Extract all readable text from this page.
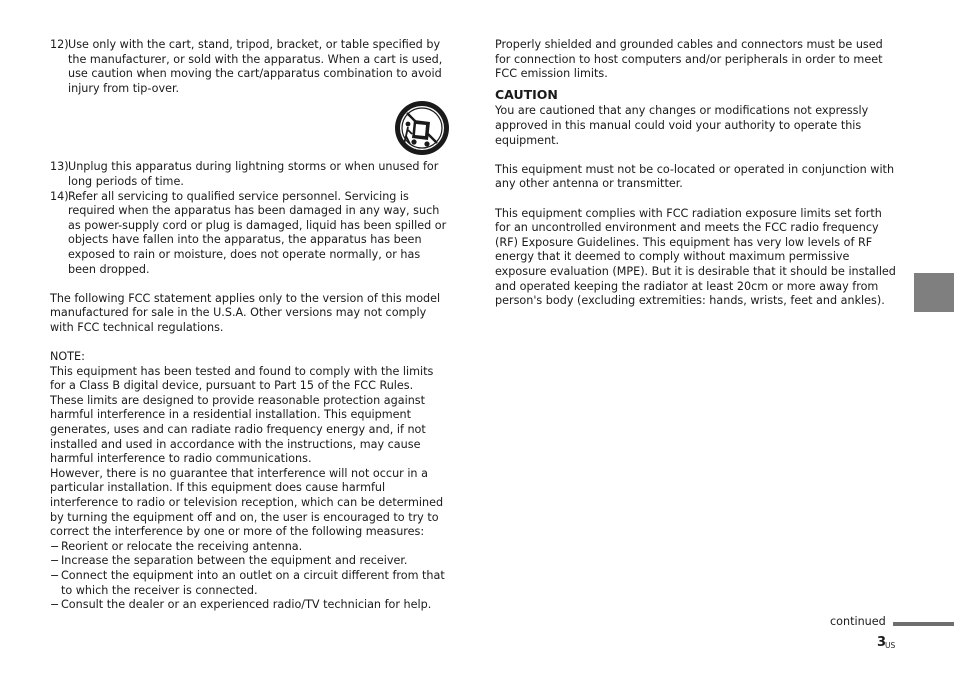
12) Use only with the cart, stand, tripod, bracket, or table specified by the manufacturer, or sold with the apparatus. When a cart is used, use caution when moving the cart/apparatus combination to avoid injury from tip-over.
13) Unplug this apparatus during lightning storms or when unused for long periods of time.
14) Refer all servicing to qualified service personnel. Servicing is required when the apparatus has been damaged in any way, such as power-supply cord or plug is damaged, liquid has been spilled or objects have fallen into the apparatus, the apparatus has been exposed to rain or moisture, does not operate normally, or has been dropped.

The following FCC statement applies only to the version of this model manufactured for sale in the U.S.A. Other versions may not comply with FCC technical regulations.

NOTE:

This equipment has been tested and found to comply with the limits for a Class B digital device, pursuant to Part 15 of the FCC Rules. These limits are designed to provide reasonable protection against harmful interference in a residential installation. This equipment generates, uses and can radiate radio frequency energy and, if not installed and used in accordance with the instructions, may cause harmful interference to radio communications.

However, there is no guarantee that interference will not occur in a particular installation. If this equipment does cause harmful interference to radio or television reception, which can be determined by turning the equipment off and on, the user is encouraged to try to correct the interference by one or more of the following measures:

− Reorient or relocate the receiving antenna.
− Increase the separation between the equipment and receiver.
− Connect the equipment into an outlet on a circuit different from that to which the receiver is connected.
− Consult the dealer or an experienced radio/TV technician for help.

Properly shielded and grounded cables and connectors must be used for connection to host computers and/or peripherals in order to meet FCC emission limits.

CAUTION

You are cautioned that any changes or modifications not expressly approved in this manual could void your authority to operate this equipment.

This equipment must not be co-located or operated in conjunction with any other antenna or transmitter.

This equipment complies with FCC radiation exposure limits set forth for an uncontrolled environment and meets the FCC radio frequency (RF) Exposure Guidelines. This equipment has very low levels of RF energy that it deemed to comply without maximum permissive exposure evaluation (MPE). But it is desirable that it should be installed and operated keeping the radiator at least 20cm or more away from person's body (excluding extremities: hands, wrists, feet and ankles).

continued
3
US
